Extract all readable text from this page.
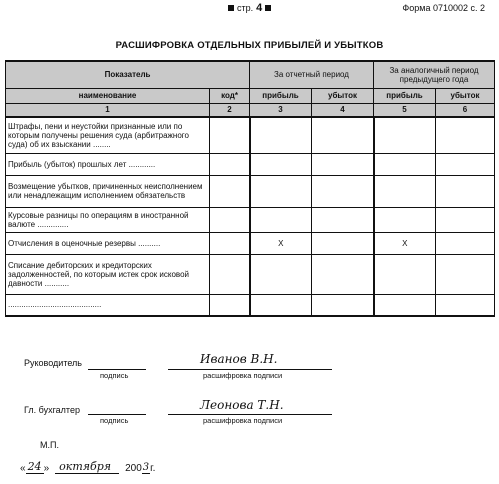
стр. 4	Форма 0710002 с. 2
РАСШИФРОВКА ОТДЕЛЬНЫХ ПРИБЫЛЕЙ И УБЫТКОВ
Показатель		За отчетный период		За аналогичный период предыдущего года	
наименование	код*	прибыль	убыток	прибыль	убыток
1	2	3	4	5	6
Штрафы, пени и неустойки признанные или по которым получены решения суда (арбитражного суда) об их взыскании ........					
Прибыль (убыток) прошлых лет ............					
Возмещение убытков, причиненных неисполнением или ненадлежащим исполнением обязательств					
Курсовые разницы по операциям в иностранной валюте ..............					
Отчисления в оценочные резервы ..........		X		X	
Списание дебиторских и кредиторских задолженностей, по которым истек срок исковой давности ...........					
..........................................					
Руководитель	Иванов В.Н.
подпись	расшифровка подписи
Гл. бухгалтер	Леонова Т.Н.
подпись	расшифровка подписи
М.П.
« 24 » октября	200 3 г.
